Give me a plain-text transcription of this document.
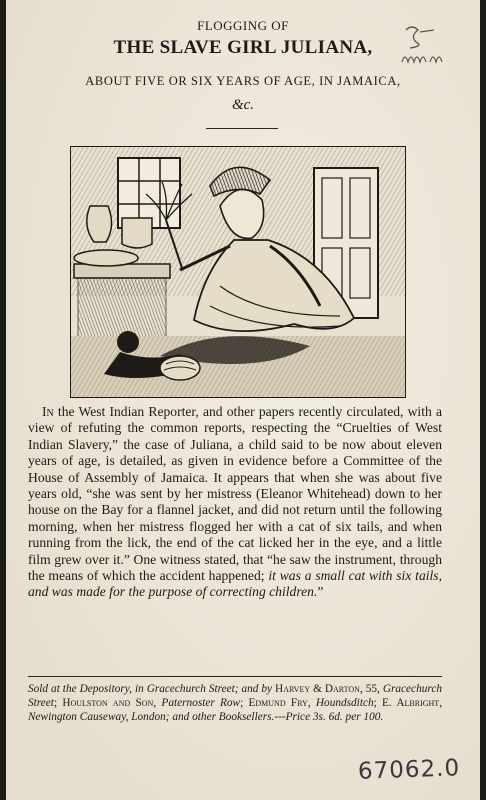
FLOGGING OF
THE SLAVE GIRL JULIANA,
ABOUT FIVE OR SIX YEARS OF AGE, IN JAMAICA,
&c.

In the West Indian Reporter, and other papers recently circulated, with a view of refuting the common reports, respecting the “Cruelties of West Indian Slavery,” the case of Juliana, a child said to be now about eleven years of age, is detailed, as given in evidence before a Committee of the House of Assembly of Jamaica. It appears that when she was about five years old, “she was sent by her mistress (Eleanor Whitehead) down to her house on the Bay for a flannel jacket, and did not return until the following morning, when her mistress flogged her with a cat of six tails, and when running from the lick, the end of the cat licked her in the eye, and a little film grew over it.” One witness stated, that “he saw the instrument, through the means of which the accident happened; it was a small cat with six tails, and was made for the purpose of correcting children.”

Sold at the Depository, in Gracechurch Street; and by Harvey & Darton, 55, Gracechurch Street; Houlston and Son, Paternoster Row; Edmund Fry, Houndsditch; E. Albright, Newington Causeway, London; and other Booksellers.---Price 3s. 6d. per 100.
67062.0
